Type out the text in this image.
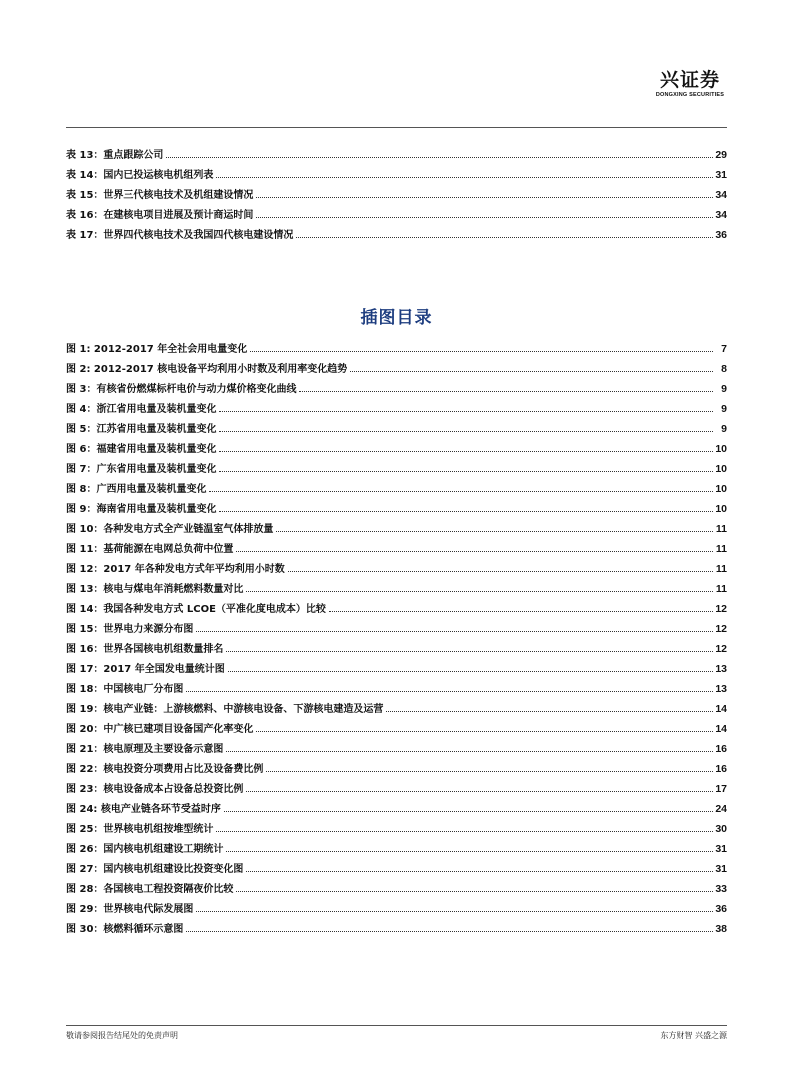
兴证券
DONGXING SECURITIES
表 13：重点跟踪公司	29
表 14：国内已投运核电机组列表	31
表 15：世界三代核电技术及机组建设情况	34
表 16：在建核电项目进展及预计商运时间	34
表 17：世界四代核电技术及我国四代核电建设情况	36
插图目录
图 1: 2012-2017 年全社会用电量变化	7
图 2: 2012-2017 核电设备平均利用小时数及利用率变化趋势	8
图 3：有核省份燃煤标杆电价与动力煤价格变化曲线	9
图 4：浙江省用电量及装机量变化	9
图 5：江苏省用电量及装机量变化	9
图 6：福建省用电量及装机量变化	10
图 7：广东省用电量及装机量变化	10
图 8：广西用电量及装机量变化	10
图 9：海南省用电量及装机量变化	10
图 10：各种发电方式全产业链温室气体排放量	11
图 11：基荷能源在电网总负荷中位置	11
图 12：2017 年各种发电方式年平均利用小时数	11
图 13：核电与煤电年消耗燃料数量对比	11
图 14：我国各种发电方式 LCOE（平准化度电成本）比较	12
图 15：世界电力来源分布图	12
图 16：世界各国核电机组数量排名	12
图 17：2017 年全国发电量统计图	13
图 18：中国核电厂分布图	13
图 19：核电产业链：上游核燃料、中游核电设备、下游核电建造及运营	14
图 20：中广核已建项目设备国产化率变化	14
图 21：核电原理及主要设备示意图	16
图 22：核电投资分项费用占比及设备费比例	16
图 23：核电设备成本占设备总投资比例	17
图 24: 核电产业链各环节受益时序	24
图 25：世界核电机组按堆型统计	30
图 26：国内核电机组建设工期统计	31
图 27：国内核电机组建设比投资变化图	31
图 28：各国核电工程投资隔夜价比较	33
图 29：世界核电代际发展图	36
图 30：核燃料循环示意图	38
敬请参阅报告结尾处的免责声明	东方财智 兴盛之源
